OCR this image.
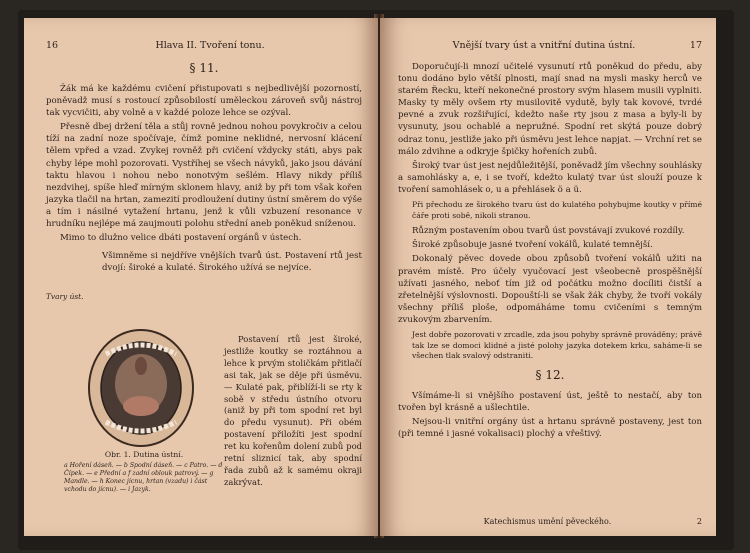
16	Hlava II. Tvoření tonu.
§ 11.

Žák má ke každému cvičení přistupovati s nejbedlivější pozorností, poněvadž musí s rostoucí způsobilostí uměleckou zároveň svůj nástroj tak vycvičiti, aby volně a v každé poloze lehce se ozýval.

Přesně dbej držení těla a stůj rovně jednou nohou povykročiv a celou tíží na zadní noze spočívaje, čímž pomine neklidné, nervosní klácení tělem vpřed a vzad. Zvykej rovněž při cvičení vždycky státi, abys pak chyby lépe mohl pozorovati. Vystříhej se všech návyků, jako jsou dávání taktu hlavou i nohou nebo nonotvým sešlém. Hlavy nikdy příliš nezdvihej, spíše hleď mírným sklonem hlavy, aniž by při tom však kořen jazyka tlačil na hrtan, zamezití prodloužení dutiny ústní směrem do výše a tím i násilné vytažení hrtanu, jenž k vůli vzbuzení resonance v hrudníku nejlépe má zaujmouti polohu střední aneb poněkud sníženou.

Mimo to dlužno velice dbáti postavení orgánů v ústech.

Všimněme si nejdříve vnějších tvarů úst. Postavení rtů jest dvojí: široké a kulaté. Širokého užívá se nejvíce.

Tvary úst.
Obr. 1. Dutina ústní.
a Hoření dáseň. — b Spodní dáseň. — c Patro. — d Čípek. — e Přední a f zadní oblouk patrový. — g Mandle. — h Konec jícnu, hrtan (vzadu) i část vchodu do jícnu). — i Jazyk.

Postavení rtů jest široké, jestliže koutky se roztáhnou a lehce k prvým stoličkám přitlačí asi tak, jak se děje při úsměvu. — Kulaté pak, přiblíží-li se rty k sobě v středu ústního otvoru (aniž by při tom spodní ret byl do předu vysunut). Při obém postavení přiložíti jest spodní ret ku kořenům dolení zubů pod retní sliznicí tak, aby spodní řada zubů až k samému okraji zakrývat.

Vnější tvary úst a vnitřní dutina ústní.	17

Doporučují-li mnozí učitelé vysunutí rtů poněkud do předu, aby tonu dodáno bylo větší plnosti, mají snad na mysli masky herců ve starém Řecku, kteří nekonečné prostory svým hlasem musili vyplniti. Masky ty měly ovšem rty musilovitě vydutě, byly tak kovové, tvrdé pevné a zvuk rozšiřující, kdežto naše rty jsou z masa a byly-li by vysunuty, jsou ochablé a nepružné. Spodní ret skýtá pouze dobrý odraz tonu, jestliže jako při úsměvu jest lehce napjat. — Vrchní ret se málo zdvihne a odkryje špičky hořeních zubů.

Široký tvar úst jest nejdůležitější, poněvadž jím všechny souhlásky a samohlásky a, e, i se tvoří, kdežto kulatý tvar úst slouží pouze k tvoření samohlásek o, u a přehlásek ö a ü.

Při přechodu ze širokého tvaru úst do kulatého pohybujme koutky v přímé čáře proti sobě, nikoli stranou.

Různým postavením obou tvarů úst povstávají zvukové rozdíly.

Široké způsobuje jasné tvoření vokálů, kulaté temnější.

Dokonalý pěvec dovede obou způsobů tvoření vokálů užiti na pravém místě. Pro účely vyučovací jest všeobecně prospěšnější užívati jasného, neboť tím již od počátku možno docíliti čistší a zřetelnější výslovnosti. Dopouští-li se však žák chyby, že tvoří vokály všechny příliš ploše, odpomáháme tomu cvičeními s temným zvukovým zbarvením.

Jest dobře pozorovati v zrcadle, zda jsou pohyby správně prováděny; právě tak lze se domoci klidné a jisté polohy jazyka dotekem krku, saháme-li se všechen tlak svalový odstraniti.

§ 12.

Všímáme-li si vnějšího postavení úst, ještě to nestačí, aby ton tvořen byl krásně a ušlechtile.

Nejsou-li vnitřní orgány úst a hrtanu správně postaveny, jest ton (při temné i jasné vokalisaci) plochý a vřeštivý.

Katechismus umění pěveckého.	2
